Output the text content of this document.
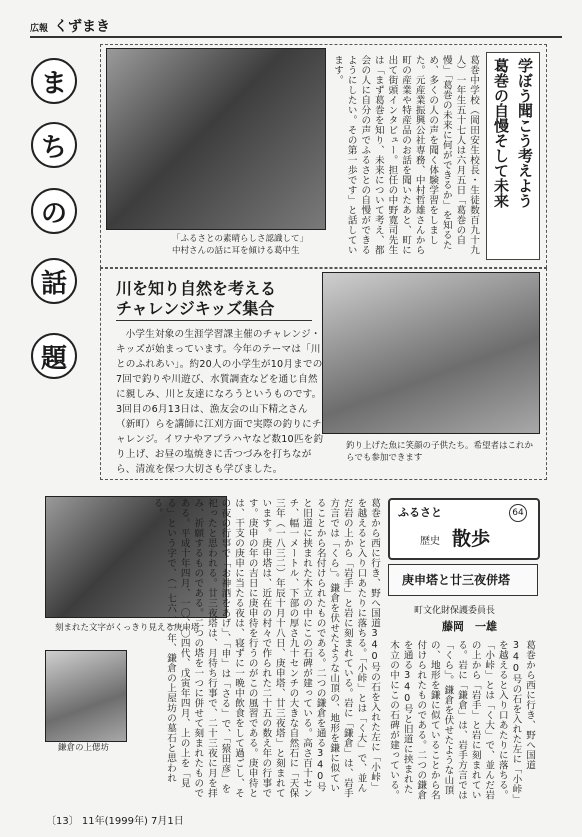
広報 くずまき
ま
ち
の
話
題
「ふるさとの素晴らしさ認識して」
中村さんの話に耳を傾ける葛中生	葛巻中学校（岡田安生校長・生徒数百九十九人）一年生五十七人は六月五日「葛巻の自慢」「葛巻の未来に何ができるか」を知るため、多くの人の声を聞く体験学習をしました。元産業振興公社専務、中村哲雄さんから町の産業や特産品のお話を聞いたあと、町に出て街頭インタビュー。担任の中野寛司先生は「まず葛巻を知り、未来について考え、都会の人に自分の声でふるさとの自慢ができるようにしたい。その第一歩です」と話しています。	学ぼう聞こう考えよう
葛巻の自慢そして未来
川を知り自然を考える
チャレンジキッズ集合
小学生対象の生涯学習課主催のチャレンジ・キッズが始まっています。今年のテーマは「川とのふれあい」。約20人の小学生が10月までの7回で釣りや川遊び、水質調査などを通じ自然に親しみ、川と友達になろうというものです。
3回目の6月13日は、漁友会の山下精之さん（新町）らを講師に江刈方面で実際の釣りにチャレンジ。イワナやアブラハヤなど数10匹を釣り上げ、お昼の塩焼きに舌つづみを打ちながら、清流を保つ大切さも学びました。
釣り上げた魚に笑顔の子供たち。希望者はこれからでも参加できます
刻まれた文字がくっきり見える庚申塔
鎌倉の上偲坊	葛巻から西に行き、野へ国道340号の石を入れた左に「小峠」を越えると入り口あたりに落ちる。「小峠」とは「く大」で、並んだ岩の上から「岩手」と岩に刻まれている。岩に「鎌倉」は、岩手方言では「くら」。鎌倉を伏せたような山頂の、地形を鎌に似ていることから名付けられたものである。二つの鎌倉を通る340号と旧道に挟まれた木立の中にこの石碑が建っている。高さ百十センチ、幅一メートル、下部の厚さ九十センチの大きな自然石に「天保三年（一八三二）年辰十月十八日、庚申塔、廿三夜塔」と刻まれています。庚申塔は、近在の村々で作られた二十五の数え年の行事です。庚申の年の吉日に庚申待を行うのがこの風習である。庚申待とは、干支の庚申に当たる夜は、寝ずに一晩中飲食をして過ごし、その夜の行事で「お神酒をあげ」、「申」は「さる」で、「猿田彦」を祀ったと思われる。廿三夜塔は、月待ち行事で、二十三夜に月を拝み、祈願するものである。二つの塔を一つに併せて刻まれたものである。平成十年四月、一〇、〇四代、戊寅年四月、上の上を「見る」という字で、（一七六一）年、鎌倉の上屋坊の墓石と思われる。	ふるさと	64
歴史 散歩
庚申塔と廿三夜併塔
町文化財保護委員長
藤岡　一雄
葛巻から西に行き、野へ国道340号の石を入れた左に「小峠」を越えると入り口あたりに落ちる。「小峠」とは「く大」で、並んだ岩の上から「岩手」と岩に刻まれている。岩に「鎌倉」は、岩手方言では「くら」。鎌倉を伏せたような山頂の、地形を鎌に似ていることから名付けられたものである。二つの鎌倉を通る340号と旧道に挟まれた木立の中にこの石碑が建っている。
〔13〕 11年(1999年) 7月1日
